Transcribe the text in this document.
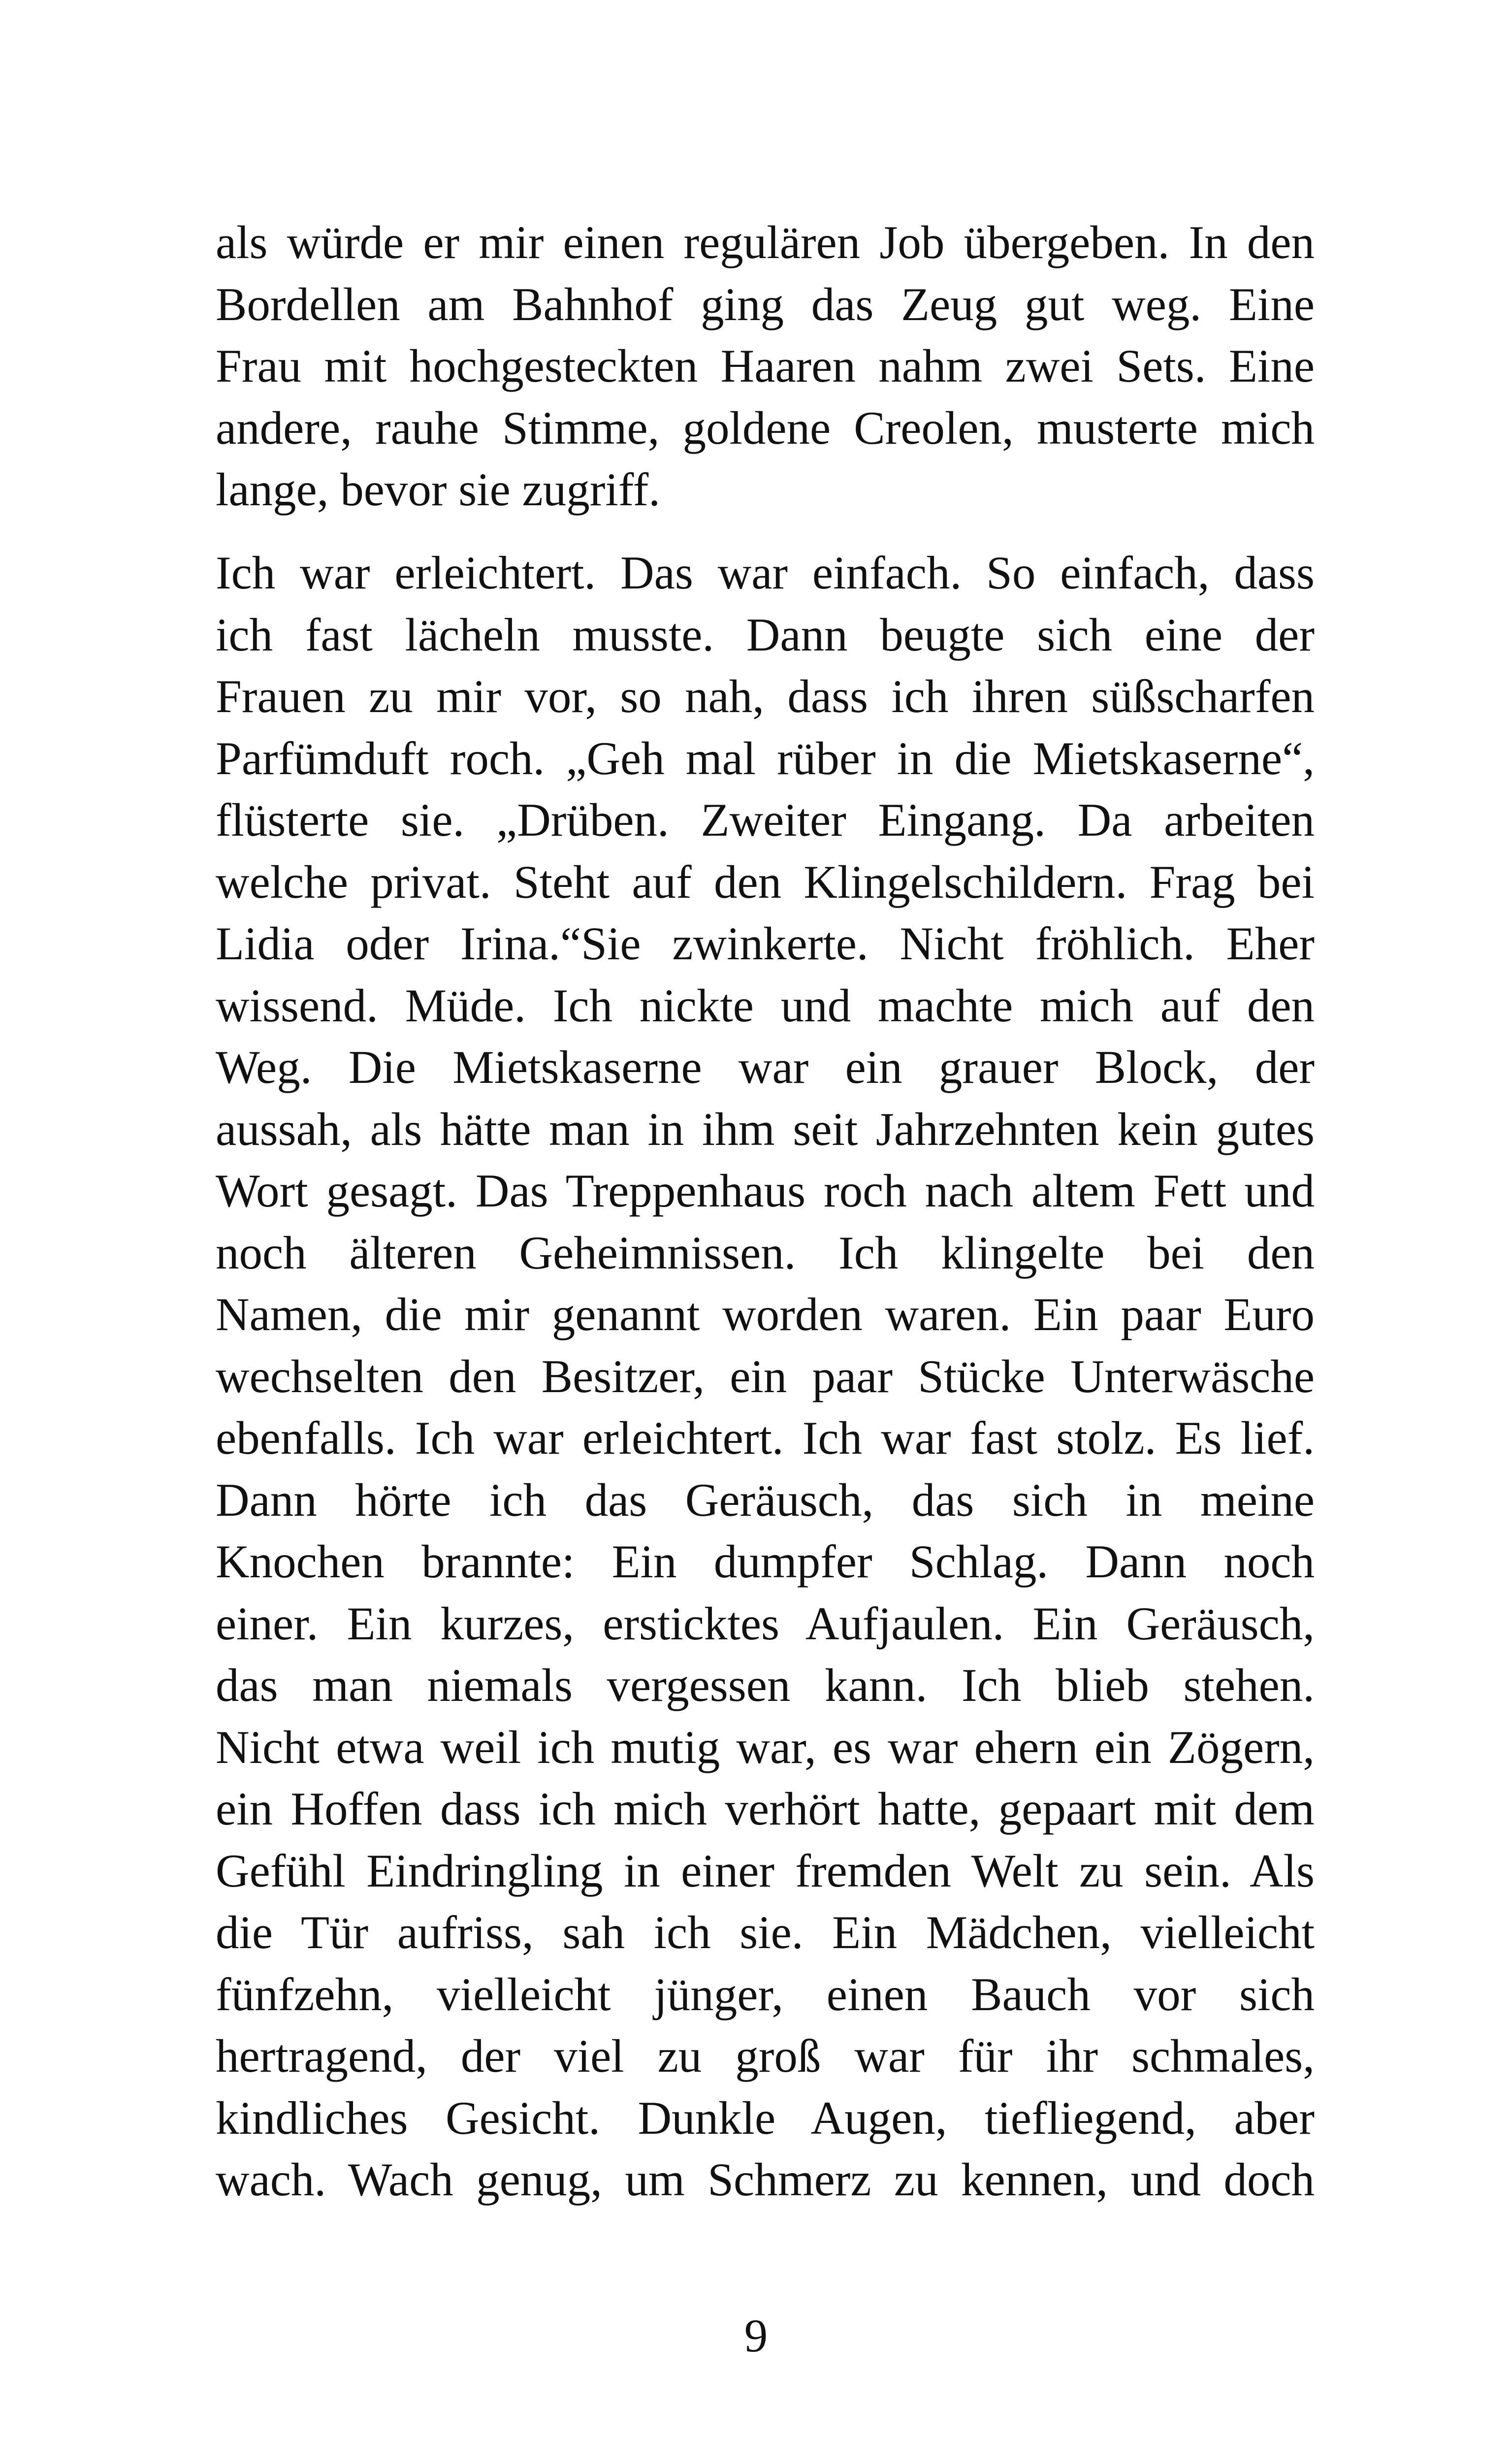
als würde er mir einen regulären Job übergeben. In den
Bordellen am Bahnhof ging das Zeug gut weg. Eine
Frau mit hochgesteckten Haaren nahm zwei Sets. Eine
andere, rauhe Stimme, goldene Creolen, musterte mich
lange, bevor sie zugriff.
Ich war erleichtert. Das war einfach. So einfach, dass
ich fast lächeln musste. Dann beugte sich eine der
Frauen zu mir vor, so nah, dass ich ihren süßscharfen
Parfümduft roch. „Geh mal rüber in die Mietskaserne“,
flüsterte sie. „Drüben. Zweiter Eingang. Da arbeiten
welche privat. Steht auf den Klingelschildern. Frag bei
Lidia oder Irina.“Sie zwinkerte. Nicht fröhlich. Eher
wissend. Müde. Ich nickte und machte mich auf den
Weg. Die Mietskaserne war ein grauer Block, der
aussah, als hätte man in ihm seit Jahrzehnten kein gutes
Wort gesagt. Das Treppenhaus roch nach altem Fett und
noch älteren Geheimnissen. Ich klingelte bei den
Namen, die mir genannt worden waren. Ein paar Euro
wechselten den Besitzer, ein paar Stücke Unterwäsche
ebenfalls. Ich war erleichtert. Ich war fast stolz. Es lief.
Dann hörte ich das Geräusch, das sich in meine
Knochen brannte: Ein dumpfer Schlag. Dann noch
einer. Ein kurzes, ersticktes Aufjaulen. Ein Geräusch,
das man niemals vergessen kann. Ich blieb stehen.
Nicht etwa weil ich mutig war, es war ehern ein Zögern,
ein Hoffen dass ich mich verhört hatte, gepaart mit dem
Gefühl Eindringling in einer fremden Welt zu sein. Als
die Tür aufriss, sah ich sie. Ein Mädchen, vielleicht
fünfzehn, vielleicht jünger, einen Bauch vor sich
hertragend, der viel zu groß war für ihr schmales,
kindliches Gesicht. Dunkle Augen, tiefliegend, aber
wach. Wach genug, um Schmerz zu kennen, und doch
9
